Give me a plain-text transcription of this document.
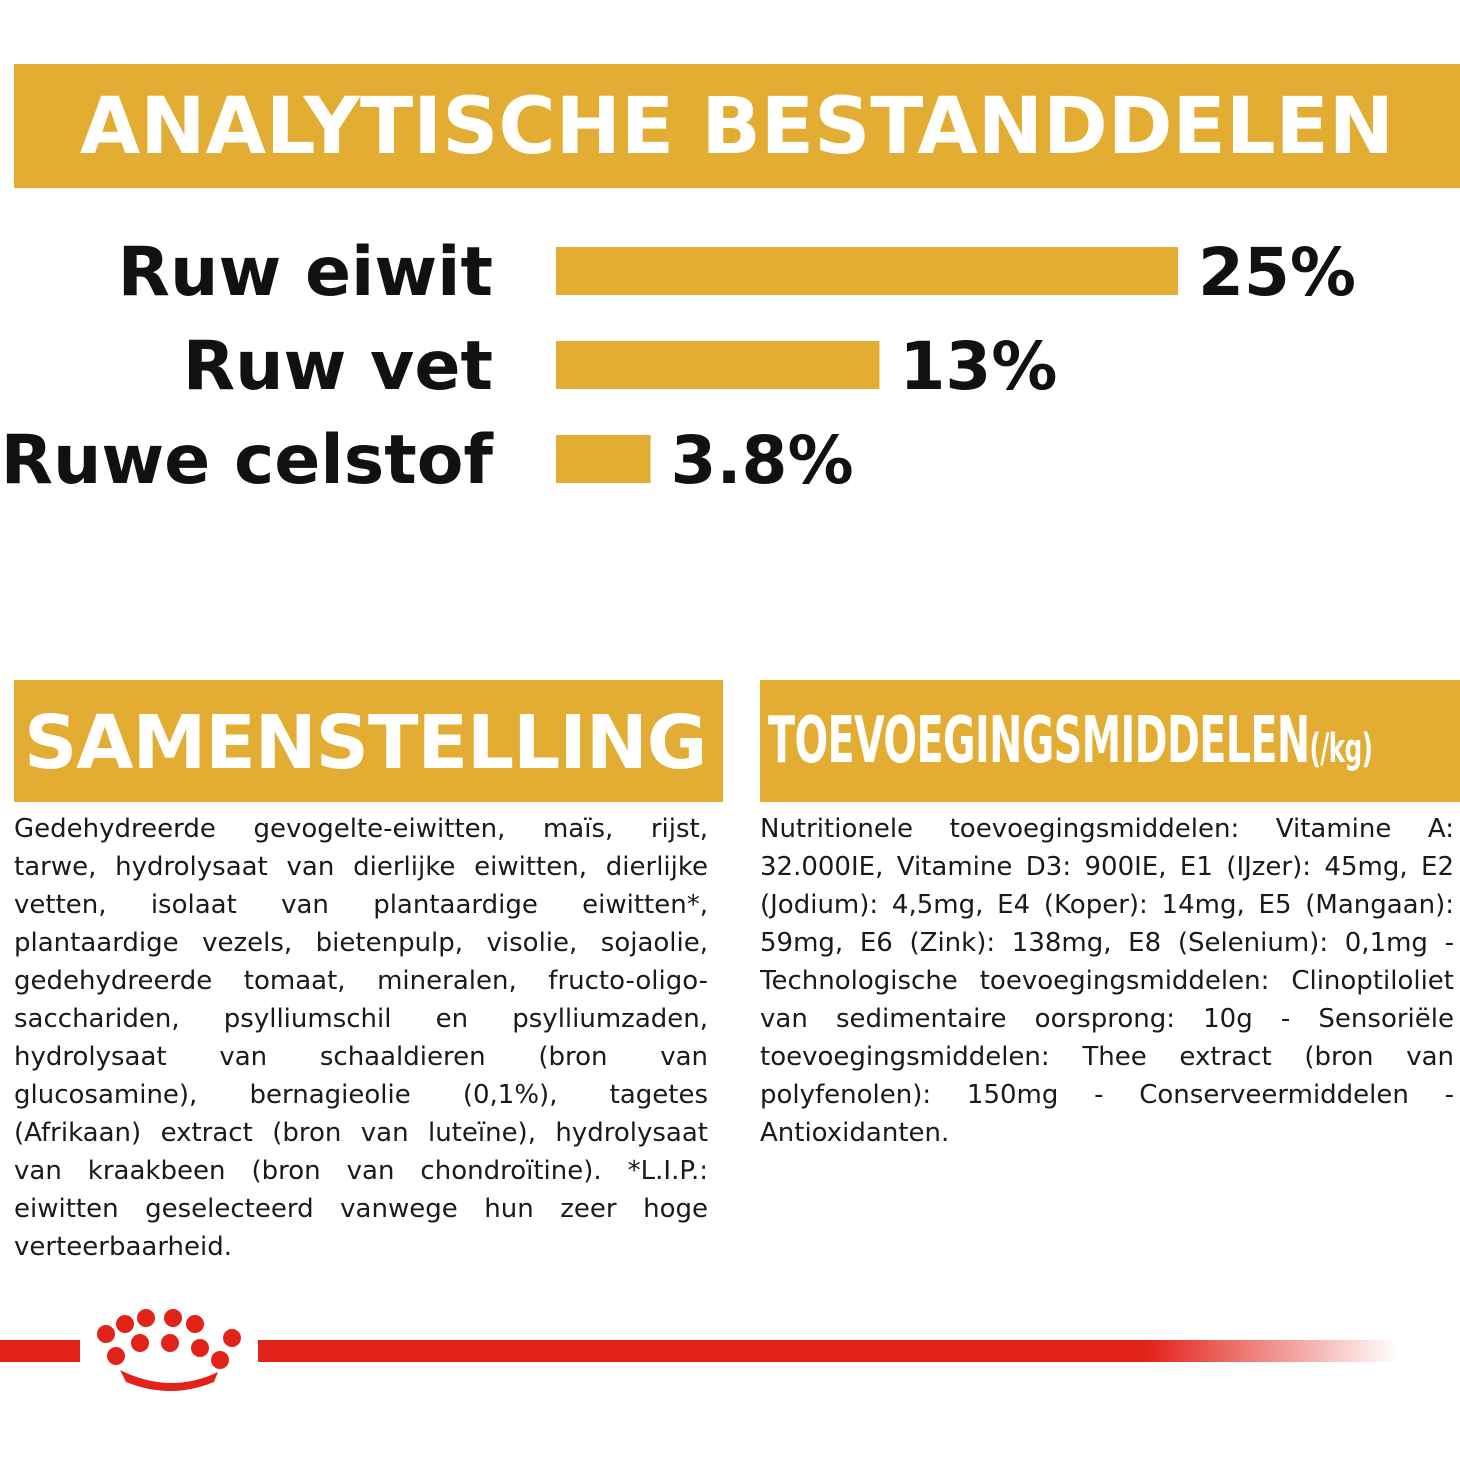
ANALYTISCHE BESTANDDELEN
Ruw eiwit	25%
Ruw vet	13%
Ruwe celstof	3.8%
SAMENSTELLING

Gedehydreerde gevogelte-eiwitten, maïs, rijst, tarwe, hydrolysaat van dierlijke eiwitten, dierlijke vetten, isolaat van plantaardige eiwitten*, plantaardige vezels, bietenpulp, visolie, sojaolie, gedehydreerde tomaat, mineralen, fructo-oligo-sacchariden, psylliumschil en psylliumzaden, hydrolysaat van schaaldieren (bron van glucosamine), bernagieolie (0,1%), tagetes (Afrikaan) extract (bron van luteïne), hydrolysaat van kraakbeen (bron van chondroïtine). *L.I.P.: eiwitten geselecteerd vanwege hun zeer hoge verteerbaarheid.

TOEVOEGINGSMIDDELEN(/kg)

Nutritionele toevoegingsmiddelen: Vitamine A: 32.000IE, Vitamine D3: 900IE, E1 (IJzer): 45mg, E2 (Jodium): 4,5mg, E4 (Koper): 14mg, E5 (Mangaan): 59mg, E6 (Zink): 138mg, E8 (Selenium): 0,1mg - Technologische toevoegingsmiddelen: Clinoptiloliet van sedimentaire oorsprong: 10g - Sensoriële toevoegingsmiddelen: Thee extract (bron van polyfenolen): 150mg - Conserveermiddelen - Antioxidanten.
